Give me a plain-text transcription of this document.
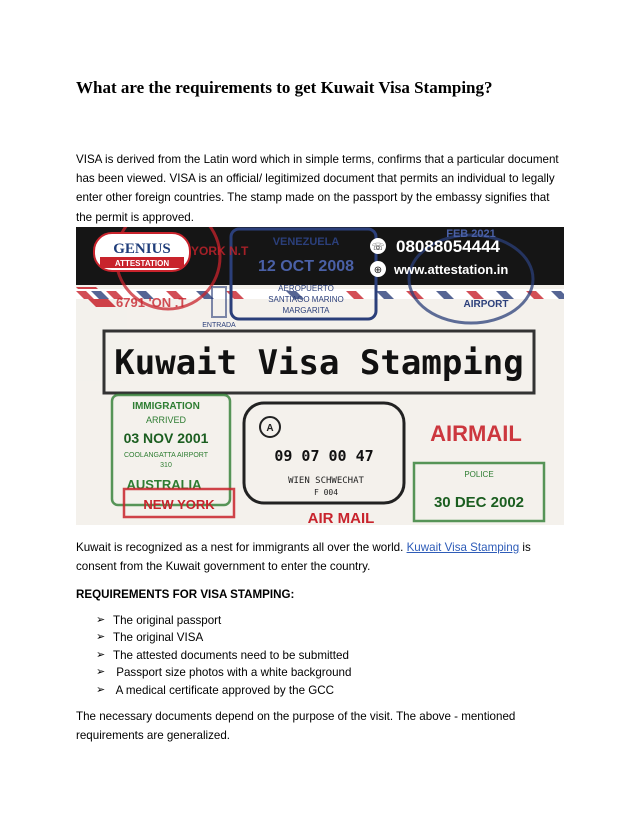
What are the requirements to get Kuwait Visa Stamping?

VISA is derived from the Latin word which in simple terms, confirms that a particular document has been viewed. VISA is an official/ legitimized document that permits an individual to legally enter other foreign countries. The stamp made on the passport by the embassy signifies that the permit is approved.

VENEZUELA
12 OCT 2008
AEROPUERTO
SANTIAGO MARINO
MARGARITA
YORK N.T
6791 'ON .T
FEB 2021
AIRPORT
GENIUS
ATTESTATION
☏ 08088054444
⊕ www.attestation.in
ENTRADA
Kuwait Visa Stamping
IMMIGRATION
ARRIVED
03 NOV 2001
COOLANGATTA AIRPORT
310
AUSTRALIA
NEW YORK
A
09 07 00 47
WIEN SCHWECHAT
F 004
AIRMAIL
AIR MAIL
POLICE
30 DEC 2002

Kuwait is recognized as a nest for immigrants all over the world. Kuwait Visa Stamping is consent from the Kuwait government to enter the country.

REQUIREMENTS FOR VISA STAMPING:
➢ The original passport
➢ The original VISA
➢ The attested documents need to be submitted
➢ Passport size photos with a white background
➢ A medical certificate approved by the GCC

The necessary documents depend on the purpose of the visit. The above - mentioned requirements are generalized.
